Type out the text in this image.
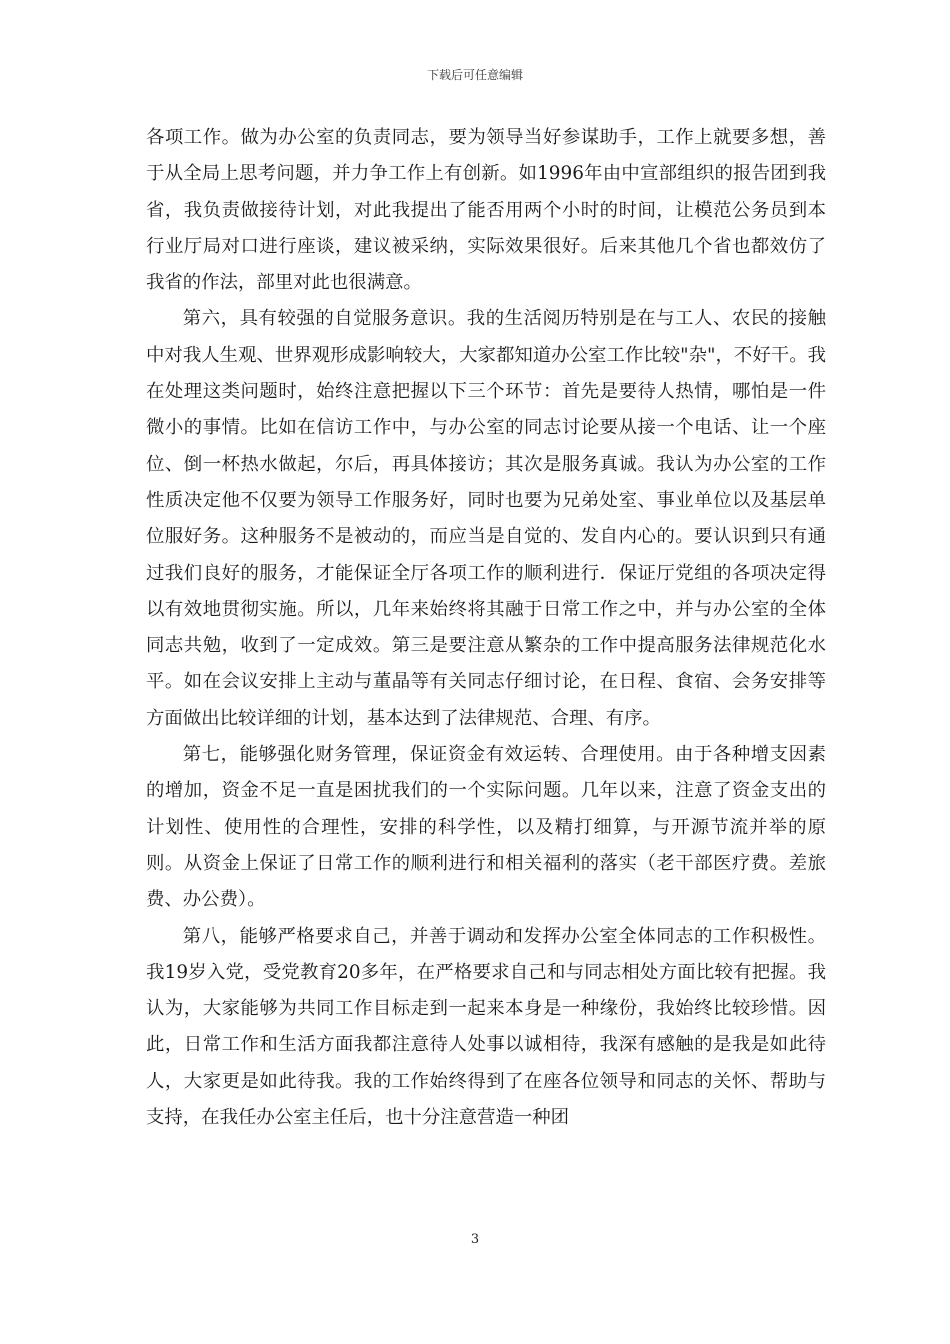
下载后可任意编辑

各项工作。做为办公室的负责同志，要为领导当好参谋助手，工作上就要多想，善于从全局上思考问题，并力争工作上有创新。如1996年由中宣部组织的报告团到我省，我负责做接待计划，对此我提出了能否用两个小时的时间，让模范公务员到本行业厅局对口进行座谈，建议被采纳，实际效果很好。后来其他几个省也都效仿了我省的作法，部里对此也很满意。

第六，具有较强的自觉服务意识。我的生活阅历特别是在与工人、农民的接触中对我人生观、世界观形成影响较大，大家都知道办公室工作比较"杂"，不好干。我在处理这类问题时，始终注意把握以下三个环节：首先是要待人热情，哪怕是一件微小的事情。比如在信访工作中，与办公室的同志讨论要从接一个电话、让一个座位、倒一杯热水做起，尔后，再具体接访；其次是服务真诚。我认为办公室的工作性质决定他不仅要为领导工作服务好，同时也要为兄弟处室、事业单位以及基层单位服好务。这种服务不是被动的，而应当是自觉的、发自内心的。要认识到只有通过我们良好的服务，才能保证全厅各项工作的顺利进行．保证厅党组的各项决定得以有效地贯彻实施。所以，几年来始终将其融于日常工作之中，并与办公室的全体同志共勉，收到了一定成效。第三是要注意从繁杂的工作中提高服务法律规范化水平。如在会议安排上主动与董晶等有关同志仔细讨论，在日程、食宿、会务安排等方面做出比较详细的计划，基本达到了法律规范、合理、有序。

第七，能够强化财务管理，保证资金有效运转、合理使用。由于各种增支因素的增加，资金不足一直是困扰我们的一个实际问题。几年以来，注意了资金支出的计划性、使用性的合理性，安排的科学性，以及精打细算，与开源节流并举的原则。从资金上保证了日常工作的顺利进行和相关福利的落实（老干部医疗费。差旅费、办公费）。

第八，能够严格要求自己，并善于调动和发挥办公室全体同志的工作积极性。我19岁入党，受党教育20多年，在严格要求自己和与同志相处方面比较有把握。我认为，大家能够为共同工作目标走到一起来本身是一种缘份，我始终比较珍惜。因此，日常工作和生活方面我都注意待人处事以诚相待，我深有感触的是我是如此待人，大家更是如此待我。我的工作始终得到了在座各位领导和同志的关怀、帮助与支持，在我任办公室主任后，也十分注意营造一种团

3
